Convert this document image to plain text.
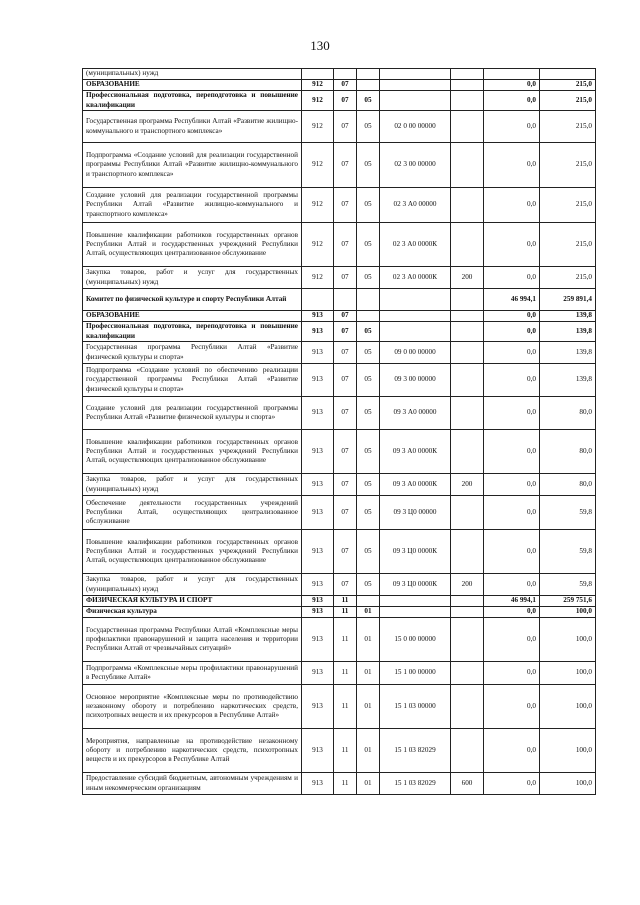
130
(муниципальных) нужд							
ОБРАЗОВАНИЕ	912	07				0,0	215,0
Профессиональная подготовка, переподготовка и повышение квалификации	912	07	05			0,0	215,0
Государственная программа Республики Алтай «Развитие жилищно-коммунального и транспортного комплекса»	912	07	05	02 0 00 00000		0,0	215,0
Подпрограмма «Создание условий для реализации государственной программы Республики Алтай «Развитие жилищно-коммунального и транспортного комплекса»	912	07	05	02 3 00 00000		0,0	215,0
Создание условий для реализации государственной программы Республики Алтай «Развитие жилищно-коммунального и транспортного комплекса»	912	07	05	02 3 А0 00000		0,0	215,0
Повышение квалификации работников государственных органов Республики Алтай и государственных учреждений Республики Алтай, осуществляющих централизованное обслуживание	912	07	05	02 3 А0 0000К		0,0	215,0
Закупка товаров, работ и услуг для государственных (муниципальных) нужд	912	07	05	02 3 А0 0000К	200	0,0	215,0
Комитет по физической культуре и спорту Республики Алтай						46 994,1	259 891,4
ОБРАЗОВАНИЕ	913	07				0,0	139,8
Профессиональная подготовка, переподготовка и повышение квалификации	913	07	05			0,0	139,8
Государственная программа Республики Алтай «Развитие физической культуры и спорта»	913	07	05	09 0 00 00000		0,0	139,8
Подпрограмма «Создание условий по обеспечению реализации государственной программы Республики Алтай «Развитие физической культуры и спорта»	913	07	05	09 3 00 00000		0,0	139,8
Создание условий для реализации государственной программы Республики Алтай «Развитие физической культуры и спорта»	913	07	05	09 3 А0 00000		0,0	80,0
Повышение квалификации работников государственных органов Республики Алтай и государственных учреждений Республики Алтай, осуществляющих централизованное обслуживание	913	07	05	09 3 А0 0000К		0,0	80,0
Закупка товаров, работ и услуг для государственных (муниципальных) нужд	913	07	05	09 3 А0 0000К	200	0,0	80,0
Обеспечение деятельности государственных учреждений Республики Алтай, осуществляющих централизованное обслуживание	913	07	05	09 3 Ц0 00000		0,0	59,8
Повышение квалификации работников государственных органов Республики Алтай и государственных учреждений Республики Алтай, осуществляющих централизованное обслуживание	913	07	05	09 3 Ц0 0000К		0,0	59,8
Закупка товаров, работ и услуг для государственных (муниципальных) нужд	913	07	05	09 3 Ц0 0000К	200	0,0	59,8
ФИЗИЧЕСКАЯ КУЛЬТУРА И СПОРТ	913	11				46 994,1	259 751,6
Физическая культура	913	11	01			0,0	100,0
Государственная программа Республики Алтай «Комплексные меры профилактики правонарушений и защита населения и территории Республики Алтай от чрезвычайных ситуаций»	913	11	01	15 0 00 00000		0,0	100,0
Подпрограмма «Комплексные меры профилактики правонарушений в Республике Алтай»	913	11	01	15 1 00 00000		0,0	100,0
Основное мероприятие «Комплексные меры по противодействию незаконному обороту и потреблению наркотических средств, психотропных веществ и их прекурсоров в Республике Алтай»	913	11	01	15 1 03 00000		0,0	100,0
Мероприятия, направленные на противодействие незаконному обороту и потреблению наркотических средств, психотропных веществ и их прекурсоров в Республике Алтай	913	11	01	15 1 03 82029		0,0	100,0
Предоставление субсидий бюджетным, автономным учреждениям и иным некоммерческим организациям	913	11	01	15 1 03 82029	600	0,0	100,0
